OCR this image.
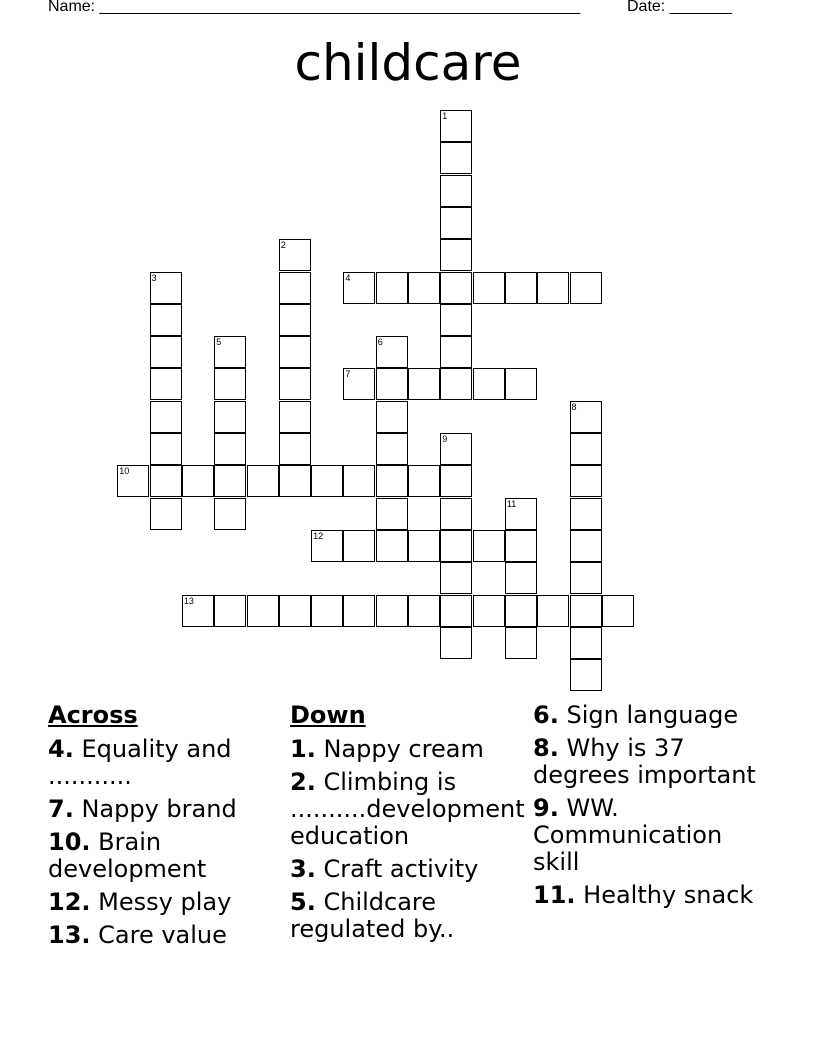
Name: ______________________________________________________	Date: _______
childcare
1
2
3	4
5	6
7
8
9
10
11
12
13
Across
4. Equality and ...........
7. Nappy brand
10. Brain development
12. Messy play
13. Care value
Down
1. Nappy cream
2. Climbing is
..........development
education
3. Craft activity
5. Childcare regulated by..
6. Sign language
8. Why is 37 degrees important
9. WW. Communication skill
11. Healthy snack
